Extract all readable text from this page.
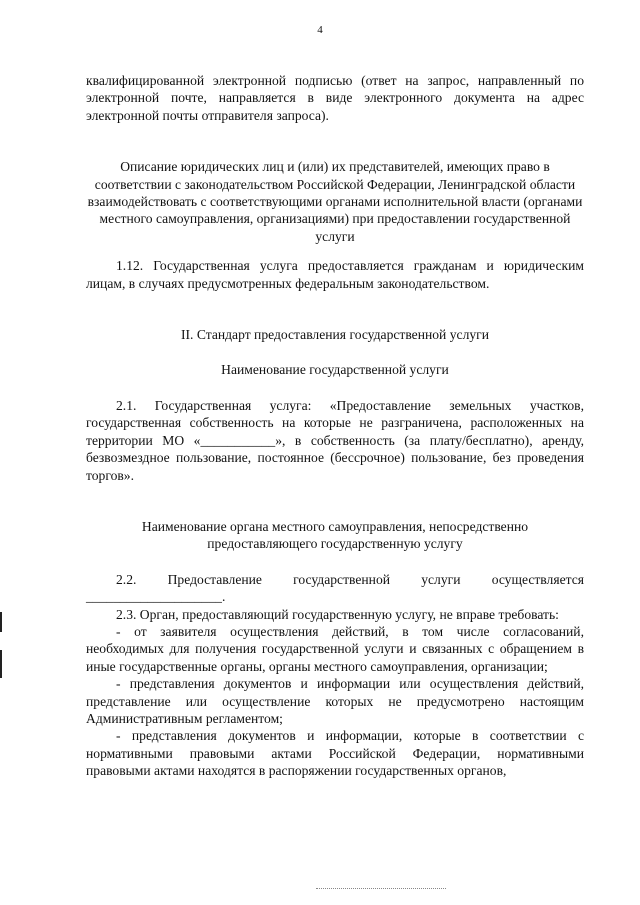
4

квалифицированной электронной подписью (ответ на запрос, направленный по электронной почте, направляется в виде электронного документа на адрес электронной почты отправителя запроса).

Описание юридических лиц и (или) их представителей, имеющих право в соответствии с законодательством Российской Федерации, Ленинградской области взаимодействовать с соответствующими органами исполнительной власти (органами местного самоуправления, организациями) при предоставлении государственной услуги

1.12. Государственная услуга предоставляется гражданам и юридическим лицам, в случаях предусмотренных федеральным законодательством.

II. Стандарт предоставления государственной услуги

Наименование государственной услуги

2.1. Государственная услуга: «Предоставление земельных участков, государственная собственность на которые не разграничена, расположенных на территории МО «___________», в собственность (за плату/бесплатно), аренду, безвозмездное пользование, постоянное (бессрочное) пользование, без проведения торгов».

Наименование органа местного самоуправления, непосредственно предоставляющего государственную услугу

2.2. Предоставление государственной услуги осуществляется ____________________.

2.3. Орган, предоставляющий государственную услугу, не вправе требовать:

- от заявителя осуществления действий, в том числе согласований, необходимых для получения государственной услуги и связанных с обращением в иные государственные органы, органы местного самоуправления, организации;

- представления документов и информации или осуществления действий, представление или осуществление которых не предусмотрено настоящим Административным регламентом;

- представления документов и информации, которые в соответствии с нормативными правовыми актами Российской Федерации, нормативными правовыми актами находятся в распоряжении государственных органов,
